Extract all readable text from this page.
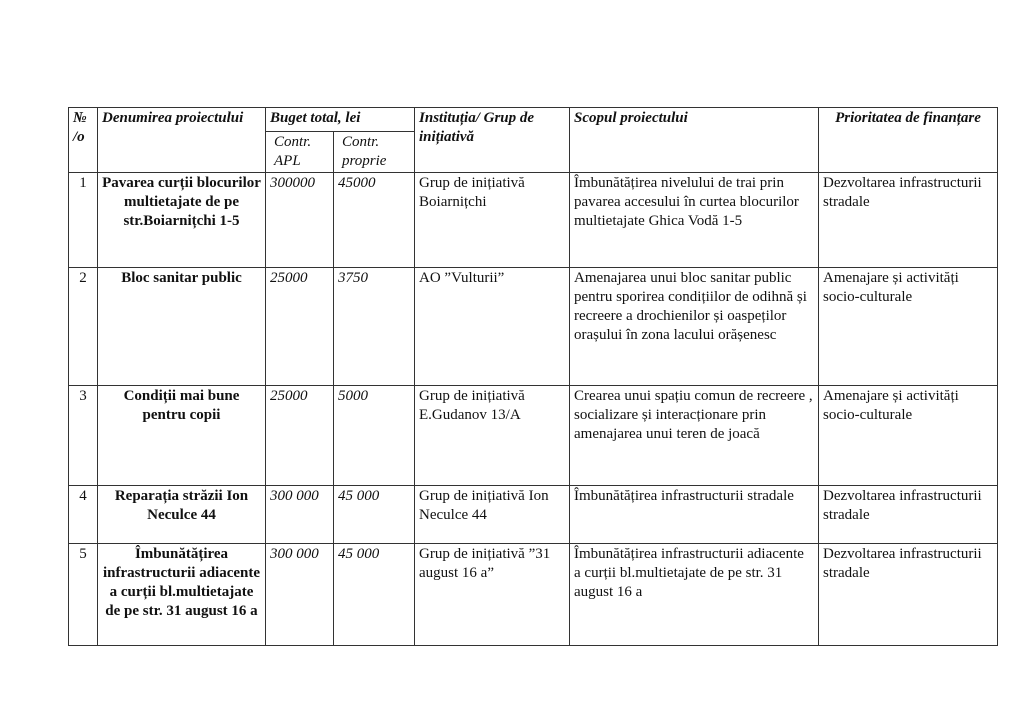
№ /o	Denumirea proiectului	Buget total, lei		Instituția/ Grup de inițiativă	Scopul proiectului	Prioritatea de finanțare
		Contr. APL	Contr. proprie			
1	Pavarea curții blocurilor multietajate de pe str.Boiarnițchi 1-5	300000	45000	Grup de inițiativă Boiarnițchi	Îmbunătățirea nivelului de trai prin pavarea accesului în curtea blocurilor multietajate Ghica Vodă 1-5	Dezvoltarea infrastructurii stradale
2	Bloc sanitar public	25000	3750	AO ”Vulturii”	Amenajarea unui bloc sanitar public pentru sporirea condițiilor de odihnă și recreere a drochienilor și oaspeților orașului în zona lacului orășenesc	Amenajare și activități socio-culturale
3	Condiții mai bune pentru copii	25000	5000	Grup de inițiativă E.Gudanov 13/A	Crearea unui spațiu comun de recreere , socializare și interacționare prin amenajarea unui teren de joacă	Amenajare și activități socio-culturale
4	Reparația străzii Ion Neculce 44	300 000	45 000	Grup de inițiativă Ion Neculce 44	Îmbunătățirea infrastructurii stradale	Dezvoltarea infrastructurii stradale
5	Îmbunătățirea infrastructurii adiacente a curții bl.multietajate de pe str. 31 august 16 a	300 000	45 000	Grup de inițiativă ”31 august 16 a”	Îmbunătățirea infrastructurii adiacente a curții bl.multietajate de pe str. 31 august 16 a	Dezvoltarea infrastructurii stradale
